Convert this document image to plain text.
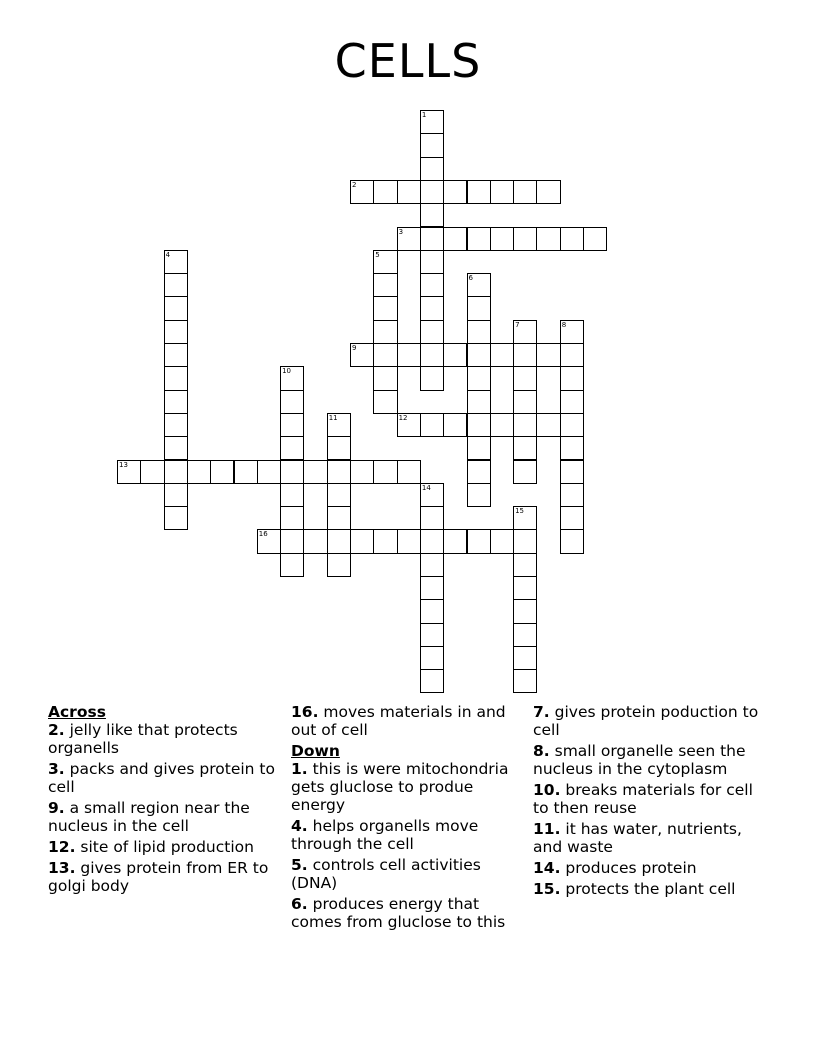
CELLS
1
2
3
4	5
6
7	8
9
10
11	12
13
14
15
16
Across
2. jelly like that protects organells
3. packs and gives protein to cell
9. a small region near the nucleus in the cell
12. site of lipid production
13. gives protein from ER to golgi body
16. moves materials in and out of cell
Down
1. this is were mitochondria gets gluclose to produe energy
4. helps organells move through the cell
5. controls cell activities (DNA)
6. produces energy that comes from gluclose to this
7. gives protein poduction to cell
8. small organelle seen the nucleus in the cytoplasm
10. breaks materials for cell to then reuse
11. it has water, nutrients, and waste
14. produces protein
15. protects the plant cell
